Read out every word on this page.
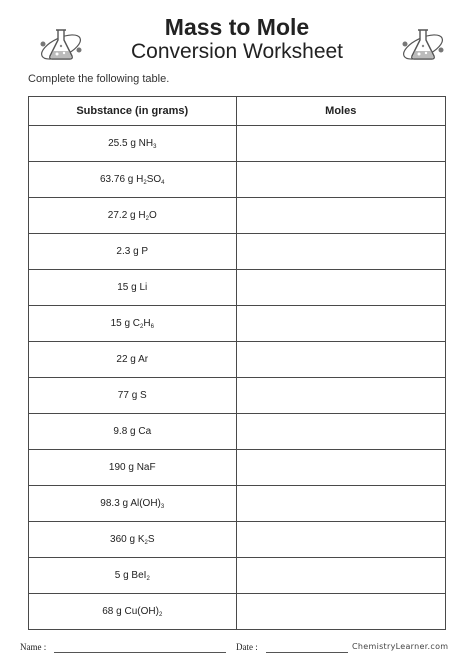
Mass to Mole
Conversion Worksheet
Complete the following table.
Substance (in grams)	Moles
25.5 g $NH_3$	
63.76 g $H_2SO_4$	
27.2 g $H_2O$	
2.3 g P	
15 g Li	
15 g $C_2H_6$	
22 g Ar	
77 g S	
9.8 g Ca	
190 g NaF	
98.3 g $Al(OH)_3$	
360 g $K_2S$	
5 g BeI$_2$	
68 g $Cu(OH)_2$	
Name :	Date :	ChemistryLearner.com
